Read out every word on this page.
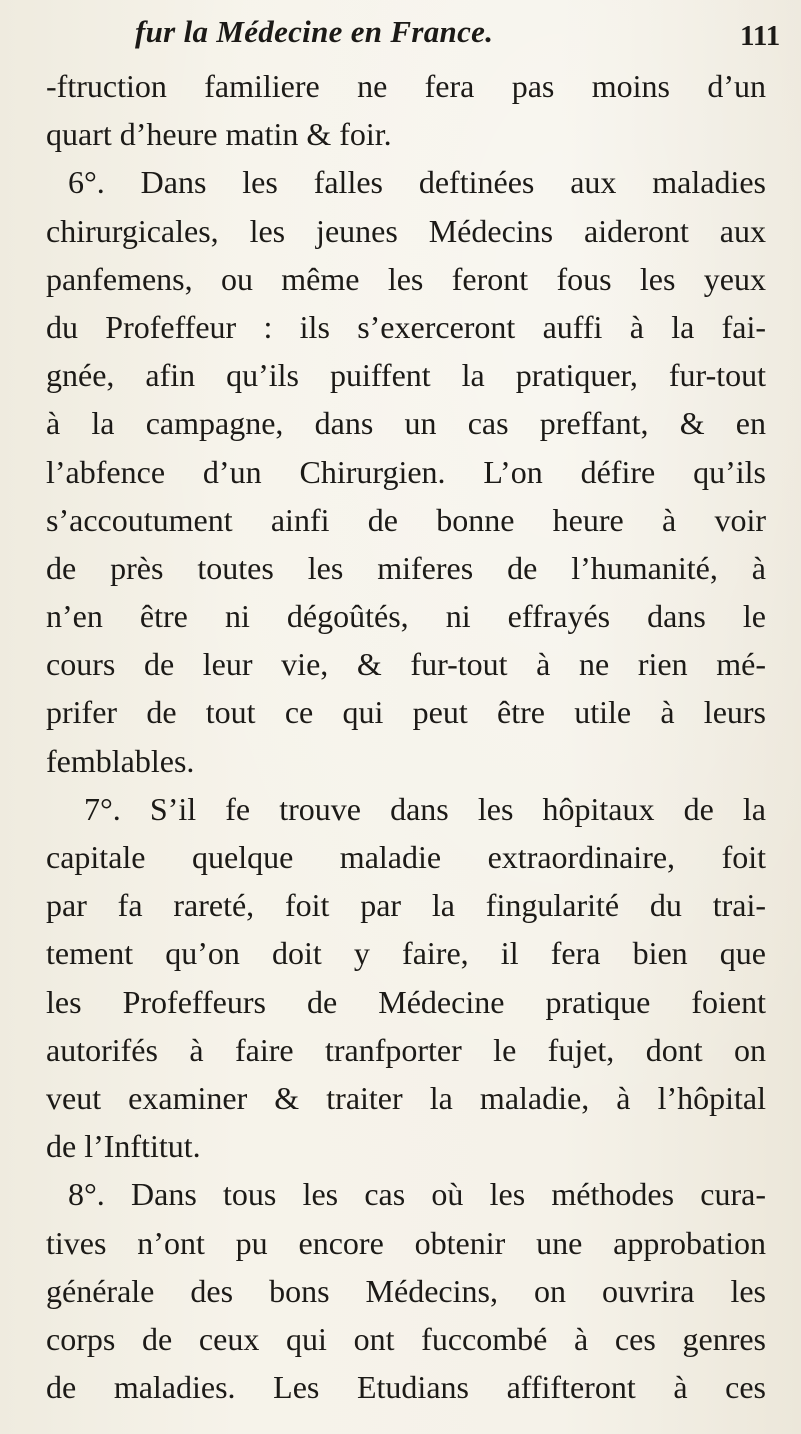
fur la Médecine en France.	111
-ftruction familiere ne fera pas moins d’un
quart d’heure matin & foir.
6°. Dans les falles deftinées aux maladies
chirurgicales, les jeunes Médecins aideront aux
panfemens, ou même les feront fous les yeux
du Profeffeur : ils s’exerceront auffi à la fai-
gnée, afin qu’ils puiffent la pratiquer, fur-tout
à la campagne, dans un cas preffant, & en
l’abfence d’un Chirurgien. L’on défire qu’ils
s’accoutument ainfi de bonne heure à voir
de près toutes les miferes de l’humanité, à
n’en être ni dégoûtés, ni effrayés dans le
cours de leur vie, & fur-tout à ne rien mé-
prifer de tout ce qui peut être utile à leurs
femblables.
7°. S’il fe trouve dans les hôpitaux de la
capitale quelque maladie extraordinaire, foit
par fa rareté, foit par la fingularité du trai-
tement qu’on doit y faire, il fera bien que
les Profeffeurs de Médecine pratique foient
autorifés à faire tranfporter le fujet, dont on
veut examiner & traiter la maladie, à l’hôpital
de l’Inftitut.
8°. Dans tous les cas où les méthodes cura-
tives n’ont pu encore obtenir une approbation
générale des bons Médecins, on ouvrira les
corps de ceux qui ont fuccombé à ces genres
de maladies. Les Etudians affifteront à ces
